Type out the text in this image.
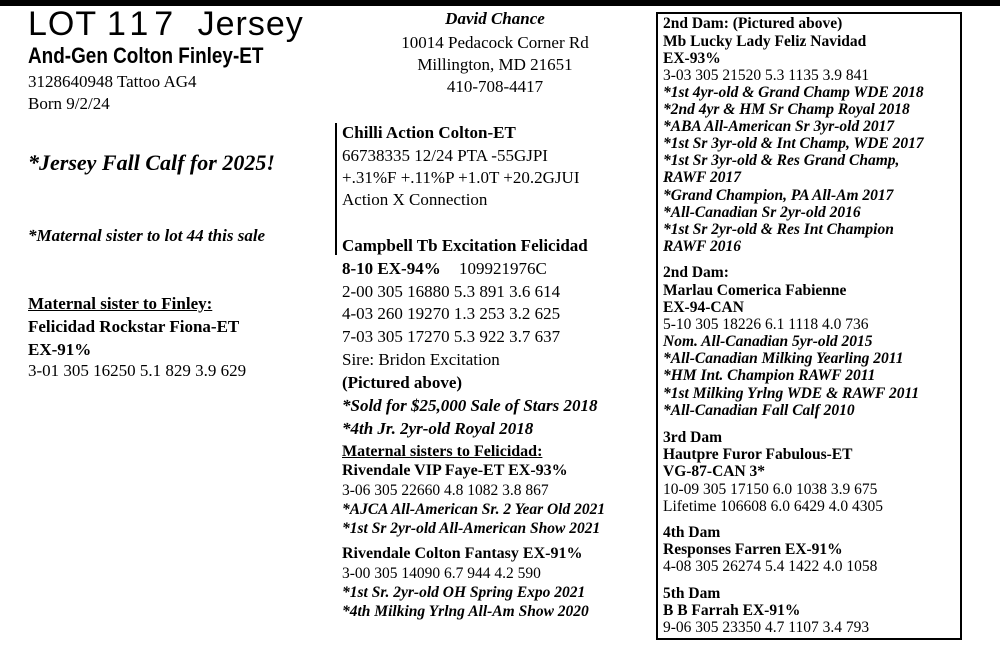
LOT 117 Jersey
And-Gen Colton Finley-ET
3128640948 Tattoo AG4
Born 9/2/24
*Jersey Fall Calf for 2025!
*Maternal sister to lot 44 this sale
Maternal sister to Finley:
Felicidad Rockstar Fiona-ET
EX-91%
3-01 305 16250 5.1 829 3.9 629
David Chance
10014 Pedacock Corner Rd
Millington, MD 21651
410-708-4417
Chilli Action Colton-ET
66738335 12/24 PTA -55GJPI
+.31%F +.11%P +1.0T +20.2GJUI
Action X Connection
Campbell Tb Excitation Felicidad
8-10 EX-94% 109921976C
2-00 305 16880 5.3 891 3.6 614
4-03 260 19270 1.3 253 3.2 625
7-03 305 17270 5.3 922 3.7 637
Sire: Bridon Excitation
(Pictured above)
*Sold for $25,000 Sale of Stars 2018
*4th Jr. 2yr-old Royal 2018
Maternal sisters to Felicidad:
Rivendale VIP Faye-ET EX-93%
3-06 305 22660 4.8 1082 3.8 867
*AJCA All-American Sr. 2 Year Old 2021
*1st Sr 2yr-old All-American Show 2021
Rivendale Colton Fantasy EX-91%
3-00 305 14090 6.7 944 4.2 590
*1st Sr. 2yr-old OH Spring Expo 2021
*4th Milking Yrlng All-Am Show 2020
2nd Dam: (Pictured above)
Mb Lucky Lady Feliz Navidad
EX-93%
3-03 305 21520 5.3 1135 3.9 841
*1st 4yr-old & Grand Champ WDE 2018
*2nd 4yr & HM Sr Champ Royal 2018
*ABA All-American Sr 3yr-old 2017
*1st Sr 3yr-old & Int Champ, WDE 2017
*1st Sr 3yr-old & Res Grand Champ,
RAWF 2017
*Grand Champion, PA All-Am 2017
*All-Canadian Sr 2yr-old 2016
*1st Sr 2yr-old & Res Int Champion
RAWF 2016
2nd Dam:
Marlau Comerica Fabienne
EX-94-CAN
5-10 305 18226 6.1 1118 4.0 736
Nom. All-Canadian 5yr-old 2015
*All-Canadian Milking Yearling 2011
*HM Int. Champion RAWF 2011
*1st Milking Yrlng WDE & RAWF 2011
*All-Canadian Fall Calf 2010
3rd Dam
Hautpre Furor Fabulous-ET
VG-87-CAN 3*
10-09 305 17150 6.0 1038 3.9 675
Lifetime 106608 6.0 6429 4.0 4305
4th Dam
Responses Farren EX-91%
4-08 305 26274 5.4 1422 4.0 1058
5th Dam
B B Farrah EX-91%
9-06 305 23350 4.7 1107 3.4 793
